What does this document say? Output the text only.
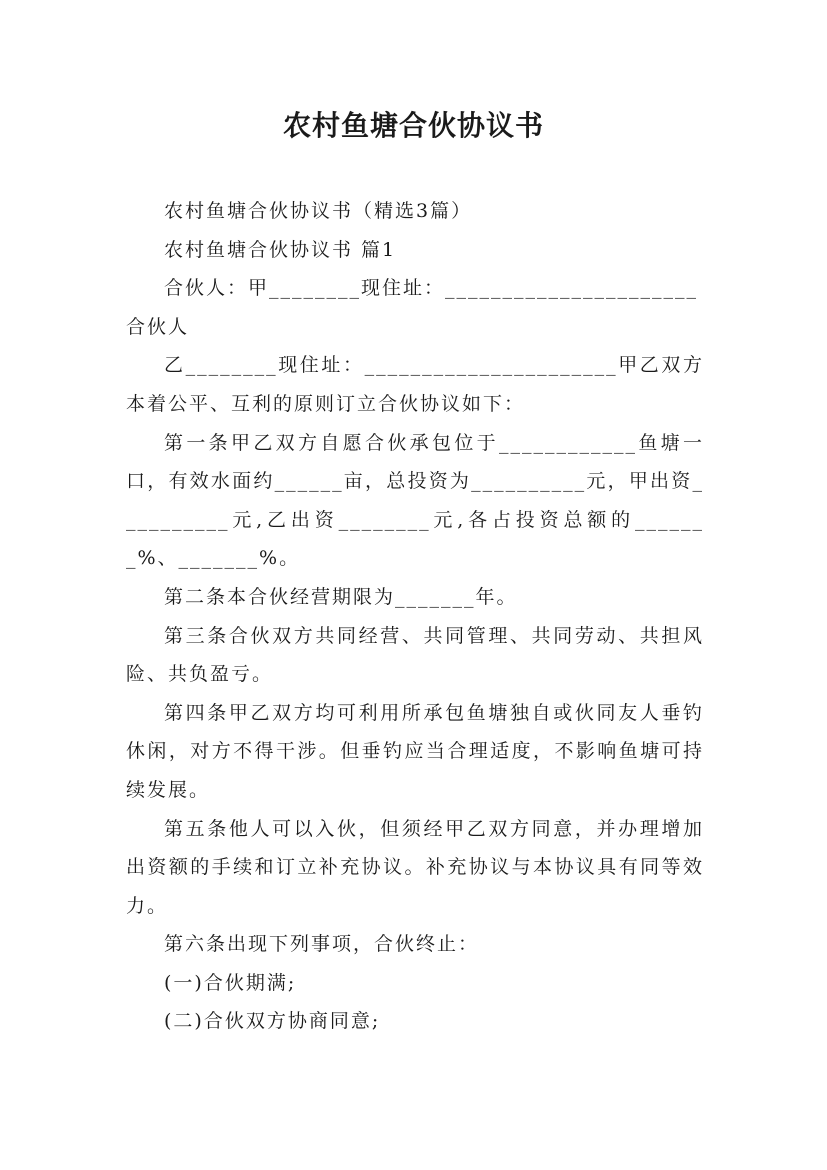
农村鱼塘合伙协议书

农村鱼塘合伙协议书（精选3篇）

农村鱼塘合伙协议书 篇1

合伙人：甲________现住址：______________________

合伙人

乙________现住址：______________________甲乙双方本着公平、互利的原则订立合伙协议如下：

第一条甲乙双方自愿合伙承包位于____________鱼塘一口，有效水面约______亩，总投资为__________元，甲出资__________元,乙出资________元,各占投资总额的_______%、_______%。

第二条本合伙经营期限为_______年。

第三条合伙双方共同经营、共同管理、共同劳动、共担风险、共负盈亏。

第四条甲乙双方均可利用所承包鱼塘独自或伙同友人垂钓休闲，对方不得干涉。但垂钓应当合理适度，不影响鱼塘可持续发展。

第五条他人可以入伙，但须经甲乙双方同意，并办理增加出资额的手续和订立补充协议。补充协议与本协议具有同等效力。

第六条出现下列事项，合伙终止：

(一)合伙期满;

(二)合伙双方协商同意;
